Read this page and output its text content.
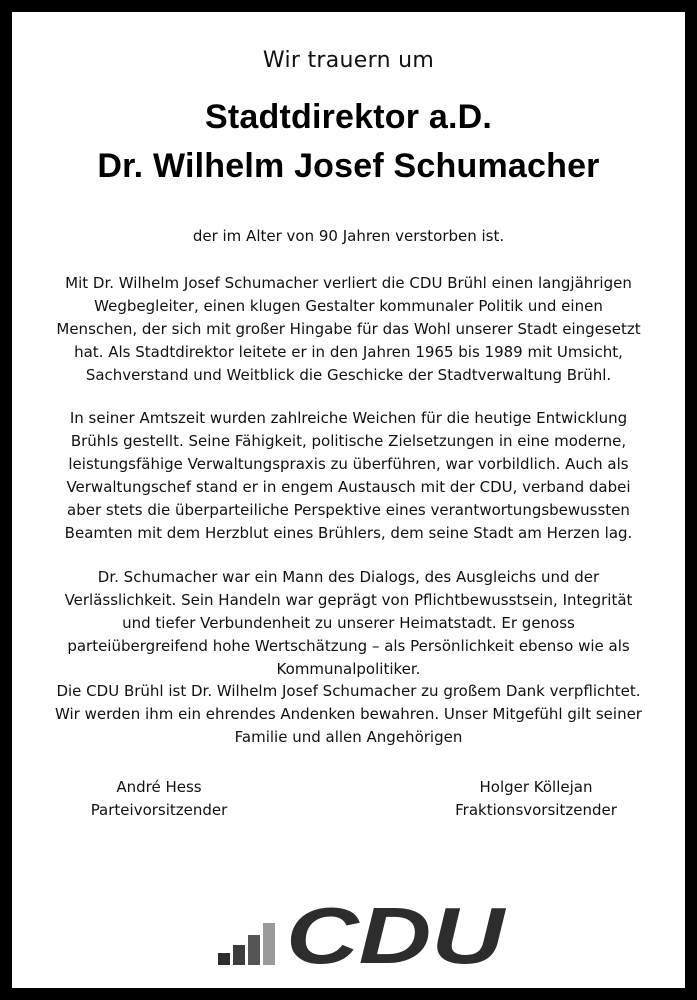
Wir trauern um
Stadtdirektor a.D.
Dr. Wilhelm Josef Schumacher
der im Alter von 90 Jahren verstorben ist.
Mit Dr. Wilhelm Josef Schumacher verliert die CDU Brühl einen langjährigen Wegbegleiter, einen klugen Gestalter kommunaler Politik und einen Menschen, der sich mit großer Hingabe für das Wohl unserer Stadt eingesetzt hat. Als Stadtdirektor leitete er in den Jahren 1965 bis 1989 mit Umsicht, Sachverstand und Weitblick die Geschicke der Stadtverwaltung Brühl.
In seiner Amtszeit wurden zahlreiche Weichen für die heutige Entwicklung Brühls gestellt. Seine Fähigkeit, politische Zielsetzungen in eine moderne, leistungsfähige Verwaltungspraxis zu überführen, war vorbildlich. Auch als Verwaltungschef stand er in engem Austausch mit der CDU, verband dabei aber stets die überparteiliche Perspektive eines verantwortungsbewussten Beamten mit dem Herzblut eines Brühlers, dem seine Stadt am Herzen lag.
Dr. Schumacher war ein Mann des Dialogs, des Ausgleichs und der Verlässlichkeit. Sein Handeln war geprägt von Pflichtbewusstsein, Integrität und tiefer Verbundenheit zu unserer Heimatstadt. Er genoss parteiübergreifend hohe Wertschätzung – als Persönlichkeit ebenso wie als Kommunalpolitiker.
Die CDU Brühl ist Dr. Wilhelm Josef Schumacher zu großem Dank verpflichtet. Wir werden ihm ein ehrendes Andenken bewahren. Unser Mitgefühl gilt seiner Familie und allen Angehörigen
André Hess
Parteivorsitzender
Holger Köllejan
Fraktionsvorsitzender
CDU
